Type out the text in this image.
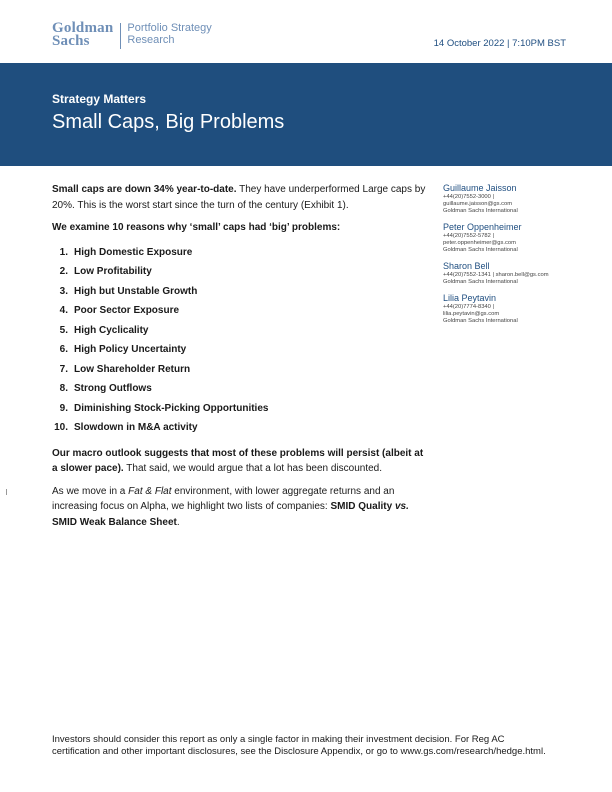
Goldman
Sachs
Portfolio Strategy
Research	14 October 2022 | 7:10PM BST
Strategy Matters
Small Caps, Big Problems

Small caps are down 34% year-to-date. They have underperformed Large caps by 20%. This is the worst start since the turn of the century (Exhibit 1).

We examine 10 reasons why ‘small’ caps had ‘big’ problems:

1. High Domestic Exposure
2. Low Profitability
3. High but Unstable Growth
4. Poor Sector Exposure
5. High Cyclicality
6. High Policy Uncertainty
7. Low Shareholder Return
8. Strong Outflows
9. Diminishing Stock-Picking Opportunities
10. Slowdown in M&A activity

Our macro outlook suggests that most of these problems will persist (albeit at a slower pace). That said, we would argue that a lot has been discounted.

As we move in a Fat & Flat environment, with lower aggregate returns and an increasing focus on Alpha, we highlight two lists of companies: SMID Quality vs.
SMID Weak Balance Sheet.

Guillaume Jaisson
+44(20)7552-3000 |
guillaume.jaisson@gs.com
Goldman Sachs International
Peter Oppenheimer
+44(20)7552-5782 |
peter.oppenheimer@gs.com
Goldman Sachs International
Sharon Bell
+44(20)7552-1341 | sharon.bell@gs.com
Goldman Sachs International
Lilia Peytavin
+44(20)7774-8340 |
lilia.peytavin@gs.com
Goldman Sachs International
Investors should consider this report as only a single factor in making their investment decision. For Reg AC certification and other important disclosures, see the Disclosure Appendix, or go to www.gs.com/research/hedge.html.
